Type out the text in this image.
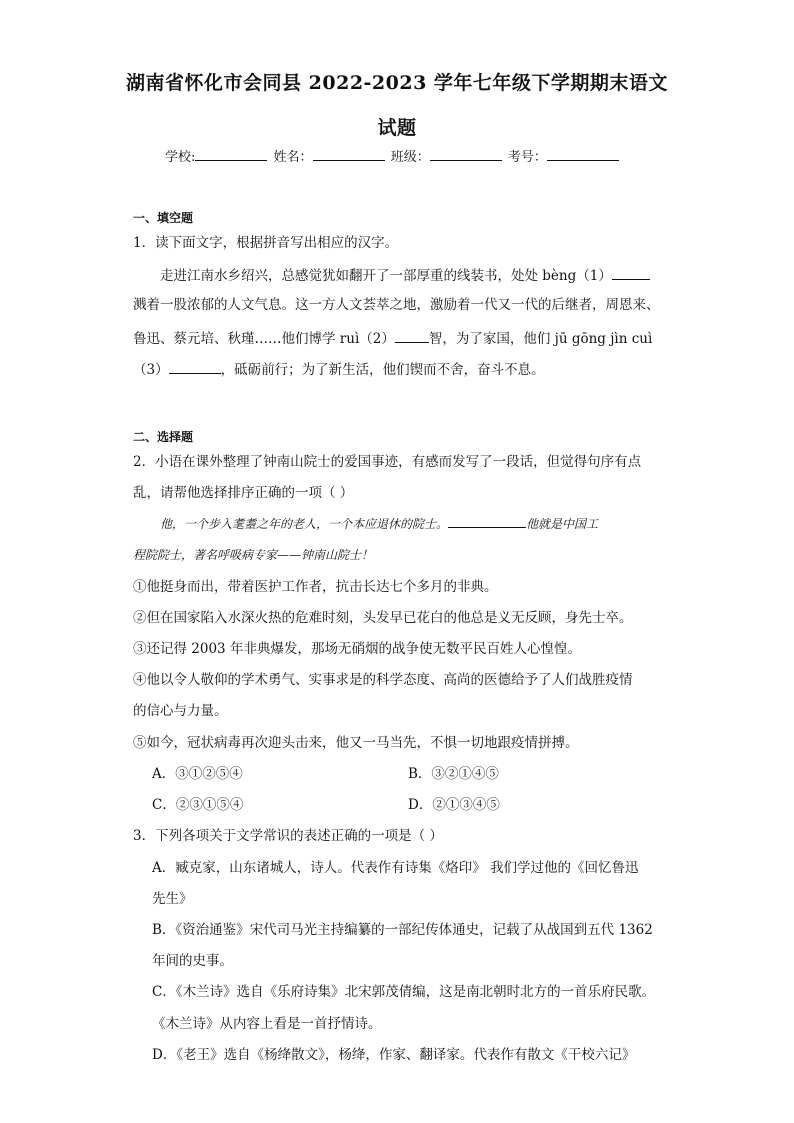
湖南省怀化市会同县 2022-2023 学年七年级下学期期末语文
试题
学校:	姓名：	班级：	考号：
一、填空题
1．读下面文字，根据拼音写出相应的汉字。
走进江南水乡绍兴，总感觉犹如翻开了一部厚重的线装书，处处 bèng（1）
溅着一股浓郁的人文气息。这一方人文荟萃之地，激励着一代又一代的后继者，周恩来、
鲁迅、蔡元培、秋瑾……他们博学 ruì（2）	智，为了家国，他们 jū gōng jìn cuì
（3）	，砥砺前行；为了新生活，他们锲而不舍，奋斗不息。
二、选择题
2．小语在课外整理了钟南山院士的爱国事迹，有感而发写了一段话，但觉得句序有点
乱，请帮他选择排序正确的一项（ ）
他，一个步入耄耋之年的老人，一个本应退休的院士。	他就是中国工
程院院士，著名呼吸病专家——钟南山院士！
①他挺身而出，带着医护工作者，抗击长达七个多月的非典。
②但在国家陷入水深火热的危难时刻，头发早已花白的他总是义无反顾，身先士卒。
③还记得 2003 年非典爆发，那场无硝烟的战争使无数平民百姓人心惶惶。
④他以令人敬仰的学术勇气、实事求是的科学态度、高尚的医德给予了人们战胜疫情
的信心与力量。
⑤如今，冠状病毒再次迎头击来，他又一马当先，不惧一切地跟疫情拼搏。
A．③①②⑤④	B．③②①④⑤
C．②③①⑤④	D．②①③④⑤
3．下列各项关于文学常识的表述正确的一项是（ ）
A．臧克家，山东诸城人，诗人。代表作有诗集《烙印》 我们学过他的《回忆鲁迅
先生》
B．《资治通鉴》宋代司马光主持编纂的一部纪传体通史，记载了从战国到五代 1362
年间的史事。
C．《木兰诗》选自《乐府诗集》北宋郭茂倩编，这是南北朝时北方的一首乐府民歌。
《木兰诗》从内容上看是一首抒情诗。
D．《老王》选自《杨绛散文》，杨绛，作家、翻译家。代表作有散文《干校六记》
